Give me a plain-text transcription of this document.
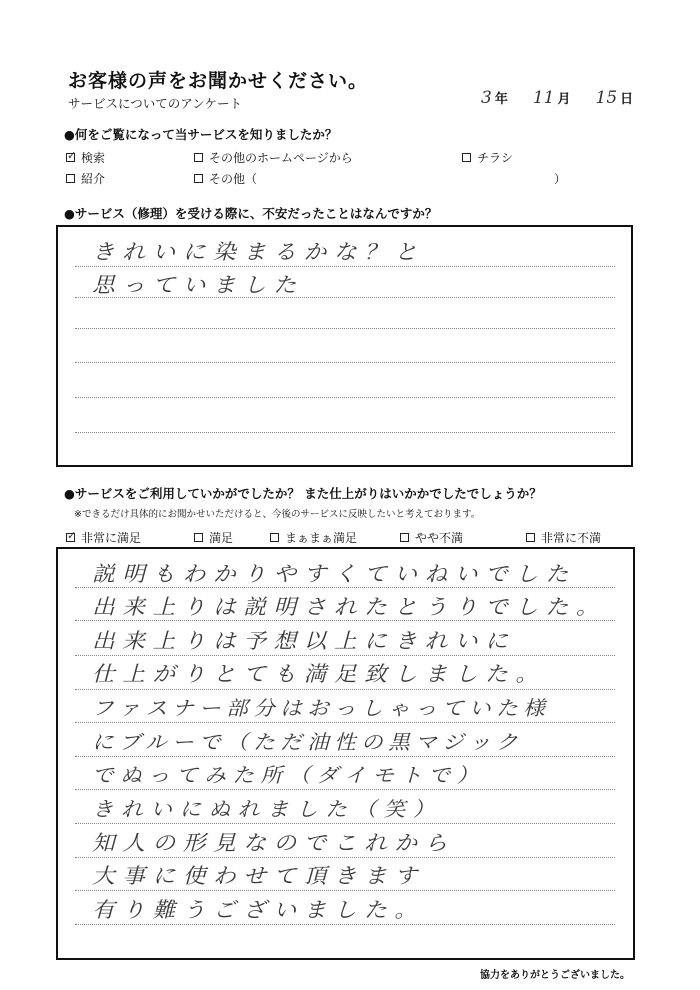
お客様の声をお聞かせください。
サービスについてのアンケート	3 年 11 月 15 日
●何をご覧になって当サービスを知りましたか？
✓
検索	その他のホームページから	チラシ
紹介	その他（	）
●サービス（修理）を受ける際に、不安だったことはなんですか？
きれいに染まるかな？と
思っていました
●サービスをご利用していかがでしたか？ また仕上がりはいかかでしたでしょうか？
※できるだけ具体的にお聞かせいただけると、今後のサービスに反映したいと考えております。
✓
非常に満足	満足	まぁまぁ満足	やや不満	非常に不満
説明もわかりやすくていねいでした
出来上りは説明されたとうりでした。
出来上りは予想以上にきれいに
仕上がりとても満足致しました。
ファスナー部分はおっしゃっていた様
にブルーで（ただ油性の黒マジック
でぬってみた所（ダイモトで）
きれいにぬれました（笑）
知人の形見なのでこれから
大事に使わせて頂きます
有り難うございました。
協力をありがとうございました。
